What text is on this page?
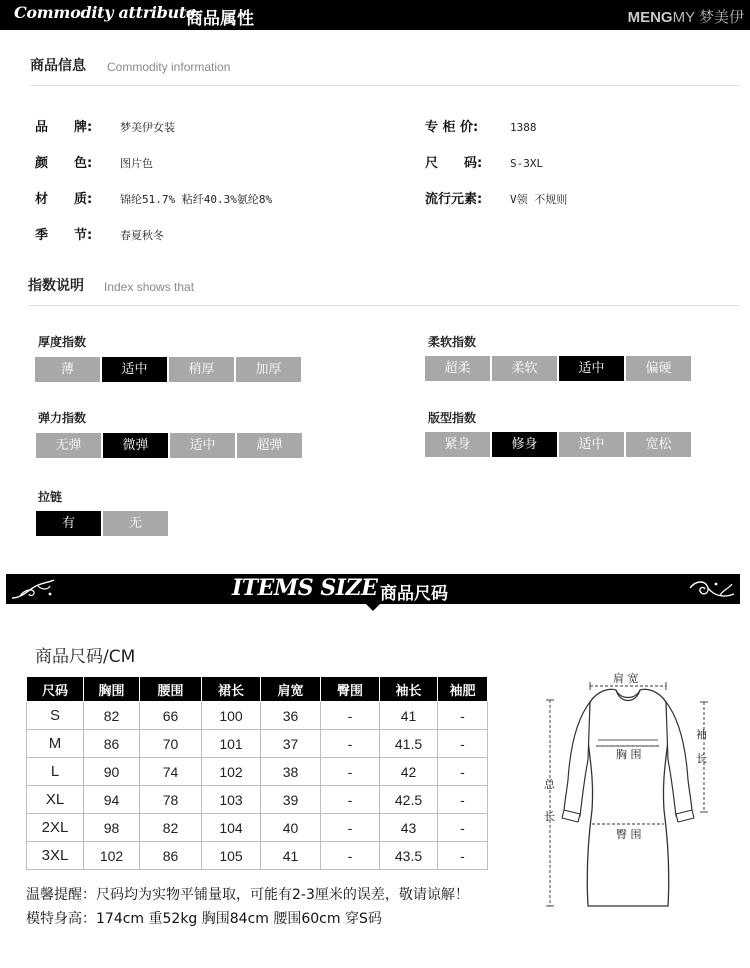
Commodity attribute
商品属性	MENGMY 梦美伊
商品信息 Commodity information
品　　牌:	梦美伊女装
颜　　色:	图片色
材　　质:	锦纶51.7% 粘纤40.3%氨纶8%
季　　节:	春夏秋冬
专 柜 价:	1388
尺　　码:	S-3XL
流行元素:	V领 不规则
指数说明 Index shows that
厚度指数
薄	适中	稍厚	加厚
柔软指数
超柔	柔软	适中	偏硬
弹力指数
无弹	微弹	适中	超弹
版型指数
紧身	修身	适中	宽松
拉链
有	无
ITEMS SIZE 商品尺码
商品尺码/CM
尺码	胸围	腰围	裙长	肩宽	臀围	袖长	袖肥
S	82	66	100	36	-	41	-
M	86	70	101	37	-	41.5	-
L	90	74	102	38	-	42	-
XL	94	78	103	39	-	42.5	-
2XL	98	82	104	40	-	43	-
3XL	102	86	105	41	-	43.5	-
温馨提醒：尺码均为实物平铺量取，可能有2-3厘米的误差，敬请谅解！
模特身高：174cm 重52kg 胸围84cm 腰围60cm 穿S码
肩 宽
胸 围
袖
长
总
长
臀 围
